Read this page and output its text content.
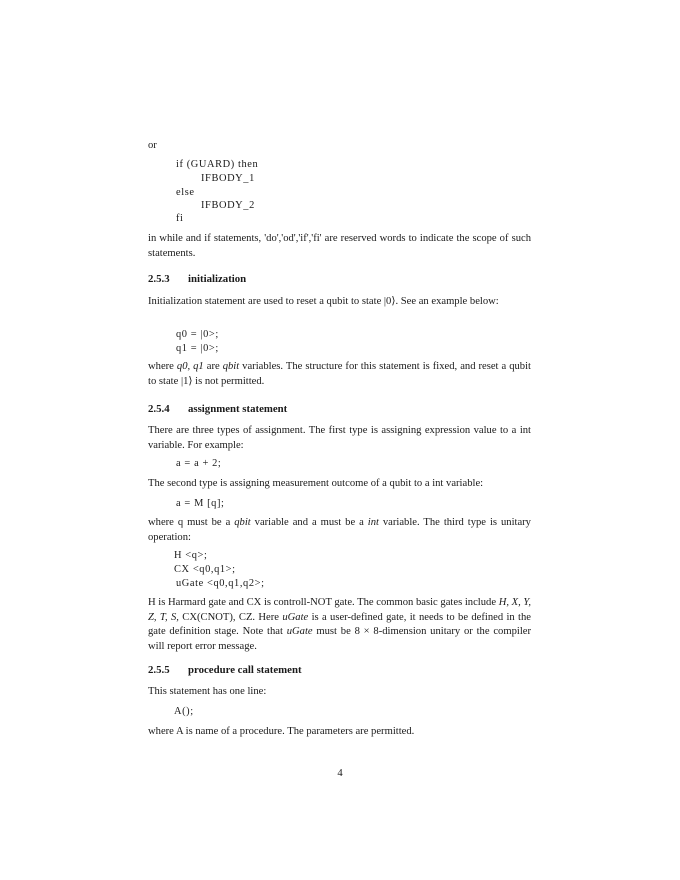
or
if (GUARD) then
IFBODY_1
else
IFBODY_2
fi
in while and if statements, 'do','od','if','fi' are reserved words to indicate the scope of such statements.
2.5.3 initialization
Initialization statement are used to reset a qubit to state |0⟩. See an example below:
q0 = |0>;
q1 = |0>;
where q0, q1 are qbit variables. The structure for this statement is fixed, and reset a qubit to state |1⟩ is not permitted.
2.5.4 assignment statement
There are three types of assignment. The first type is assigning expression value to a int variable. For example:
a = a + 2;
The second type is assigning measurement outcome of a qubit to a int variable:
a = M [q];
where q must be a qbit variable and a must be a int variable. The third type is unitary operation:
H <q>;
CX <q0,q1>;
uGate <q0,q1,q2>;
H is Harmard gate and CX is controll-NOT gate. The common basic gates include H, X, Y, Z, T, S, CX(CNOT), CZ. Here uGate is a user-defined gate, it needs to be defined in the gate definition stage. Note that uGate must be 8 × 8-dimension unitary or the compiler will report error message.
2.5.5 procedure call statement
This statement has one line:
A();
where A is name of a procedure. The parameters are permitted.
4
